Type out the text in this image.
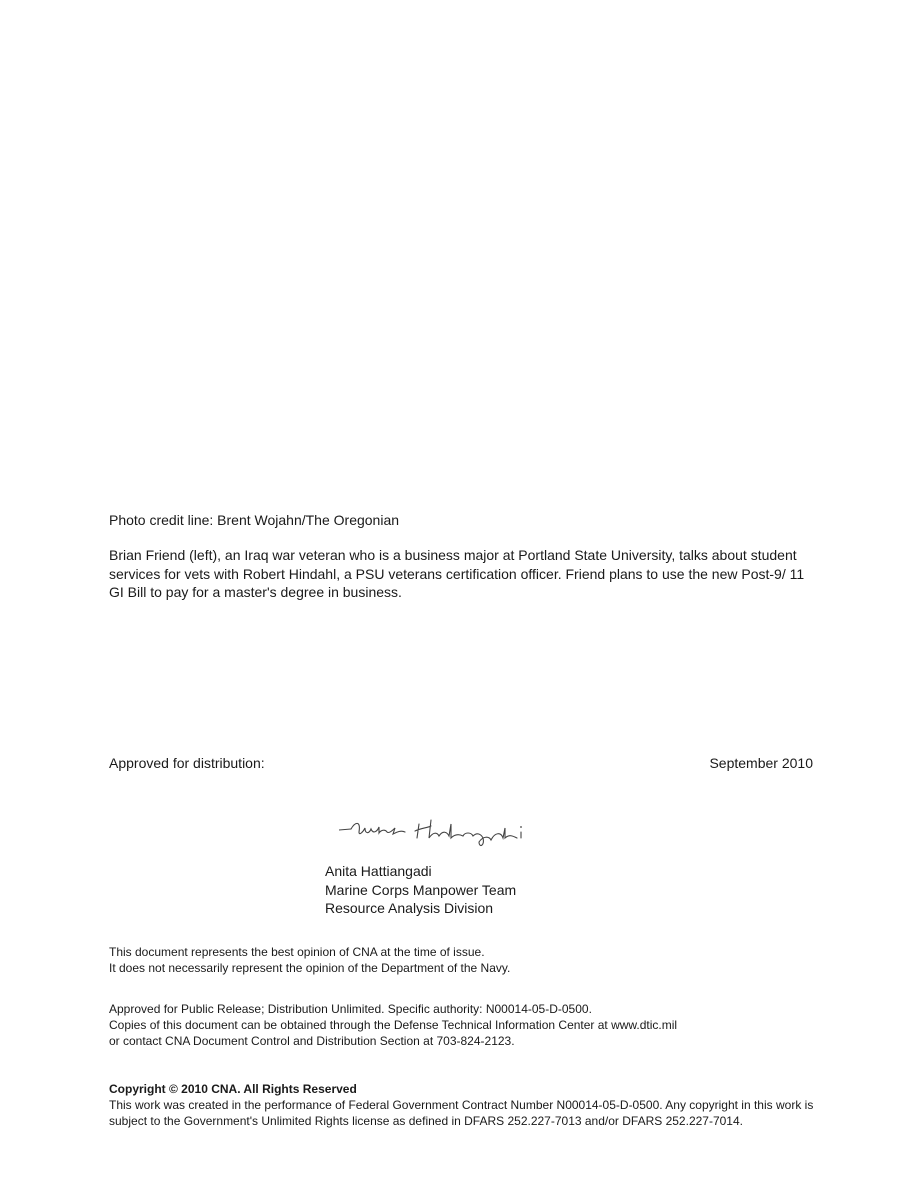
Photo credit line: Brent Wojahn/The Oregonian
Brian Friend (left), an Iraq war veteran who is a business major at Portland State University, talks about student services for vets with Robert Hindahl, a PSU veterans certification officer. Friend plans to use the new Post-9/ 11 GI Bill to pay for a master's degree in business.
Approved for distribution:	September 2010
Anita Hattiangadi
Marine Corps Manpower Team
Resource Analysis Division
This document represents the best opinion of CNA at the time of issue.
It does not necessarily represent the opinion of the Department of the Navy.
Approved for Public Release; Distribution Unlimited. Specific authority: N00014-05-D-0500.
Copies of this document can be obtained through the Defense Technical Information Center at www.dtic.mil
or contact CNA Document Control and Distribution Section at 703-824-2123.
Copyright © 2010 CNA. All Rights Reserved
This work was created in the performance of Federal Government Contract Number N00014-05-D-0500. Any copyright in this work is subject to the Government's Unlimited Rights license as defined in DFARS 252.227-7013 and/or DFARS 252.227-7014.
